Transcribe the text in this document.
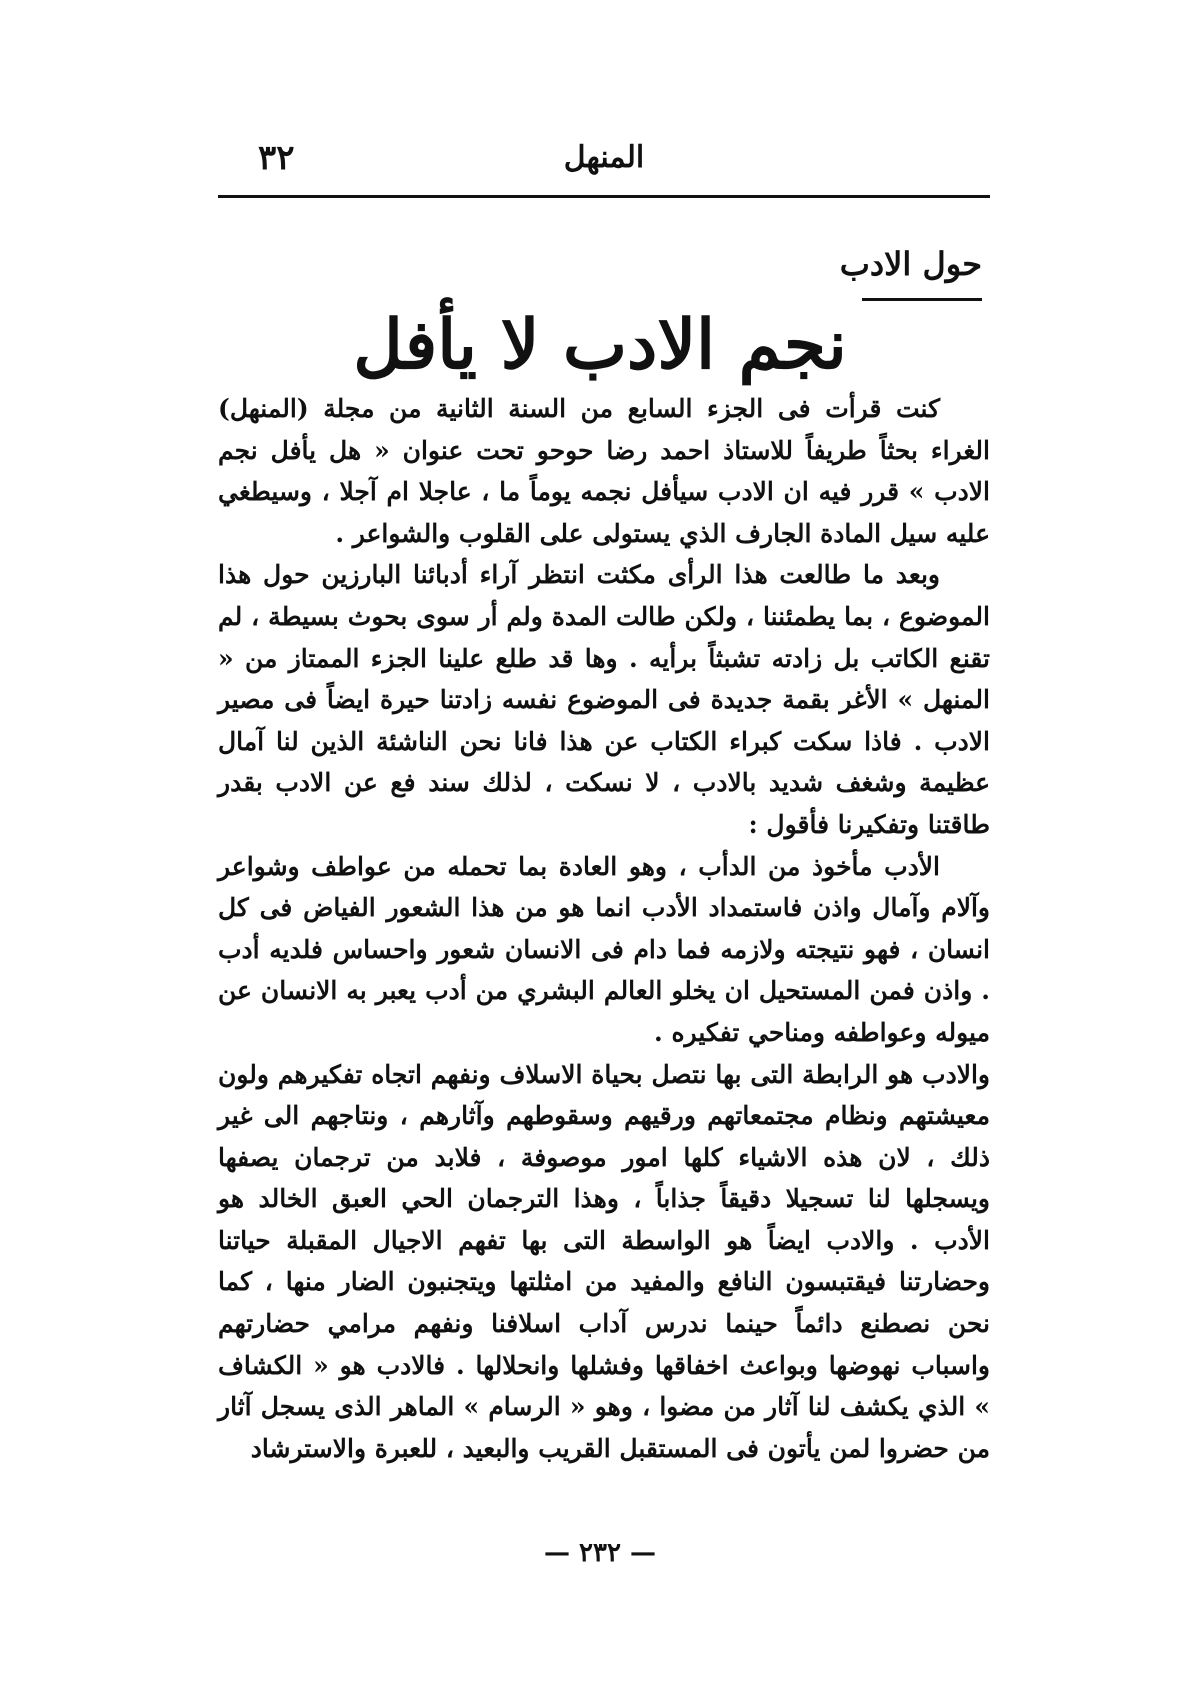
٣٢	المنهل
حول الادب
نجم الادب لا يأفل

كنت قرأت فى الجزء السابع من السنة الثانية من مجلة (المنهل) الغراء بحثاً طريفاً للاستاذ احمد رضا حوحو تحت عنوان « هل يأفل نجم الادب » قرر فيه ان الادب سيأفل نجمه يوماً ما ، عاجلا ام آجلا ، وسيطغي عليه سيل المادة الجارف الذي يستولى على القلوب والشواعر .

وبعد ما طالعت هذا الرأى مكثت انتظر آراء أدبائنا البارزين حول هذا الموضوع ، بما يطمئننا ، ولكن طالت المدة ولم أر سوى بحوث بسيطة ، لم تقنع الكاتب بل زادته تشبثاً برأيه . وها قد طلع علينا الجزء الممتاز من « المنهل » الأغر بقمة جديدة فى الموضوع نفسه زادتنا حيرة ايضاً فى مصير الادب . فاذا سكت كبراء الكتاب عن هذا فانا نحن الناشئة الذين لنا آمال عظيمة وشغف شديد بالادب ، لا نسكت ، لذلك سند فع عن الادب بقدر طاقتنا وتفكيرنا فأقول :

الأدب مأخوذ من الدأب ، وهو العادة بما تحمله من عواطف وشواعر وآلام وآمال واذن فاستمداد الأدب انما هو من هذا الشعور الفياض فى كل انسان ، فهو نتيجته ولازمه فما دام فى الانسان شعور واحساس فلديه أدب . واذن فمن المستحيل ان يخلو العالم البشري من أدب يعبر به الانسان عن ميوله وعواطفه ومناحي تفكيره .

والادب هو الرابطة التى بها نتصل بحياة الاسلاف ونفهم اتجاه تفكيرهم ولون معيشتهم ونظام مجتمعاتهم ورقيهم وسقوطهم وآثارهم ، ونتاجهم الى غير ذلك ، لان هذه الاشياء كلها امور موصوفة ، فلابد من ترجمان يصفها ويسجلها لنا تسجيلا دقيقاً جذاباً ، وهذا الترجمان الحي العبق الخالد هو الأدب . والادب ايضاً هو الواسطة التى بها تفهم الاجيال المقبلة حياتنا وحضارتنا فيقتبسون النافع والمفيد من امثلتها ويتجنبون الضار منها ، كما نحن نصطنع دائماً حينما ندرس آداب اسلافنا ونفهم مرامي حضارتهم واسباب نهوضها وبواعث اخفاقها وفشلها وانحلالها . فالادب هو « الكشاف » الذي يكشف لنا آثار من مضوا ، وهو « الرسام » الماهر الذى يسجل آثار من حضروا لمن يأتون فى المستقبل القريب والبعيد ، للعبرة والاسترشاد

— ٢٣٢ —
